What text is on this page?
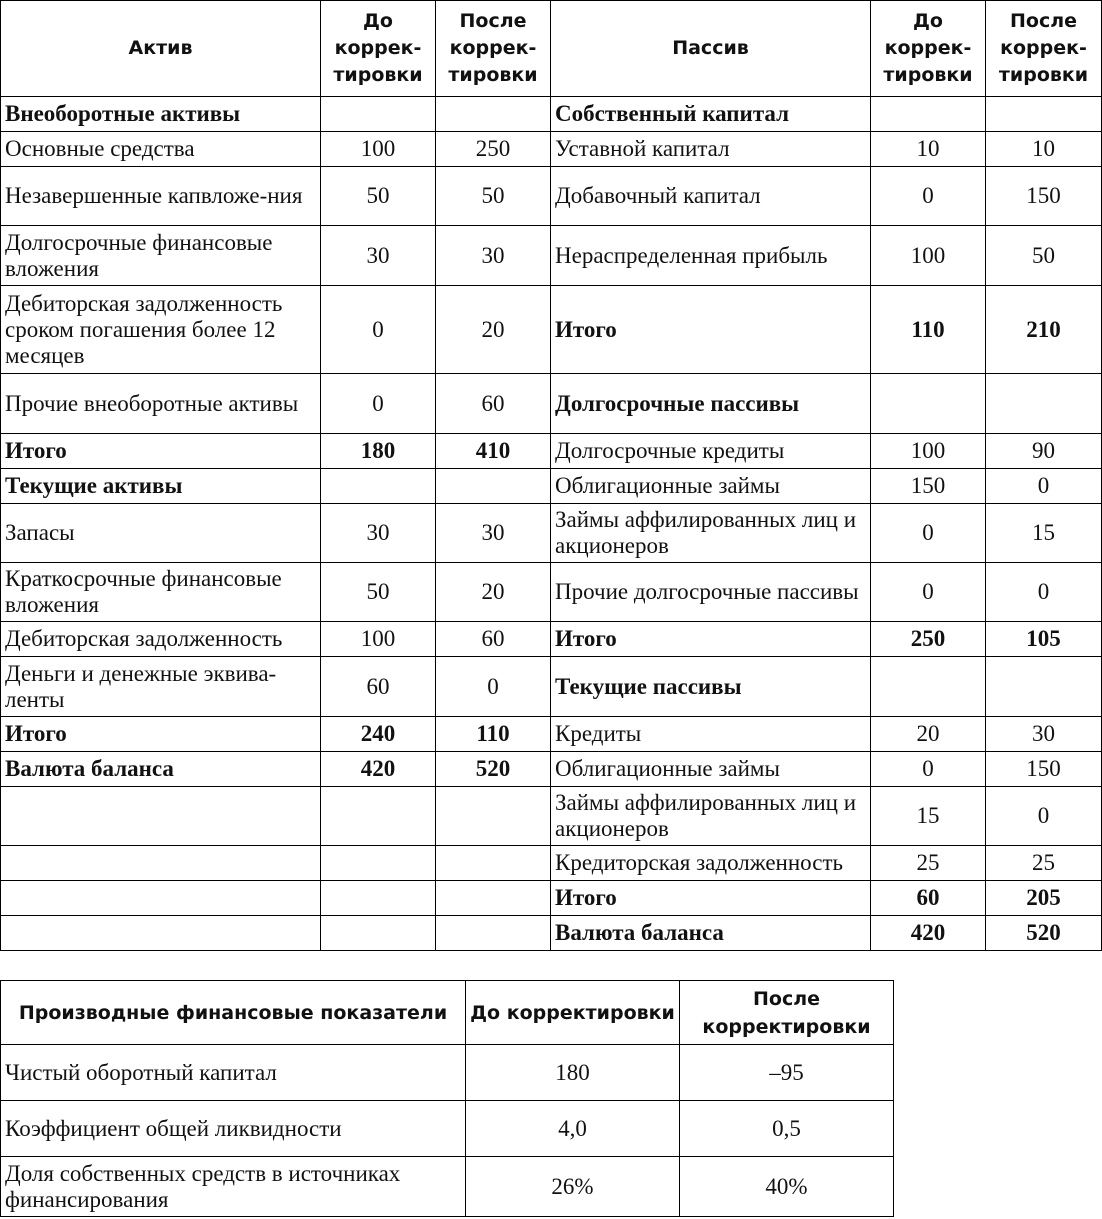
Актив	До коррек-тировки	После коррек-тировки	Пассив	До коррек-тировки	После коррек-тировки
Внеоборотные активы			Собственный капитал		
Основные средства	100	250	Уставной капитал	10	10
Незавершенные капвложе-ния	50	50	Добавочный капитал	0	150
Долгосрочные финансовые вложения	30	30	Нераспределенная прибыль	100	50
Дебиторская задолженность сроком погашения более 12 месяцев	0	20	Итого	110	210
Прочие внеоборотные активы	0	60	Долгосрочные пассивы		
Итого	180	410	Долгосрочные кредиты	100	90
Текущие активы			Облигационные займы	150	0
Запасы	30	30	Займы аффилированных лиц и акционеров	0	15
Краткосрочные финансовые вложения	50	20	Прочие долгосрочные пассивы	0	0
Дебиторская задолженность	100	60	Итого	250	105
Деньги и денежные эквива-ленты	60	0	Текущие пассивы		
Итого	240	110	Кредиты	20	30
Валюта баланса	420	520	Облигационные займы	0	150
			Займы аффилированных лиц и акционеров	15	0
			Кредиторская задолженность	25	25
			Итого	60	205
			Валюта баланса	420	520
Производные финансовые показатели	До корректировки	После корректировки
Чистый оборотный капитал	180	–95
Коэффициент общей ликвидности	4,0	0,5
Доля собственных средств в источниках финансирования	26%	40%
